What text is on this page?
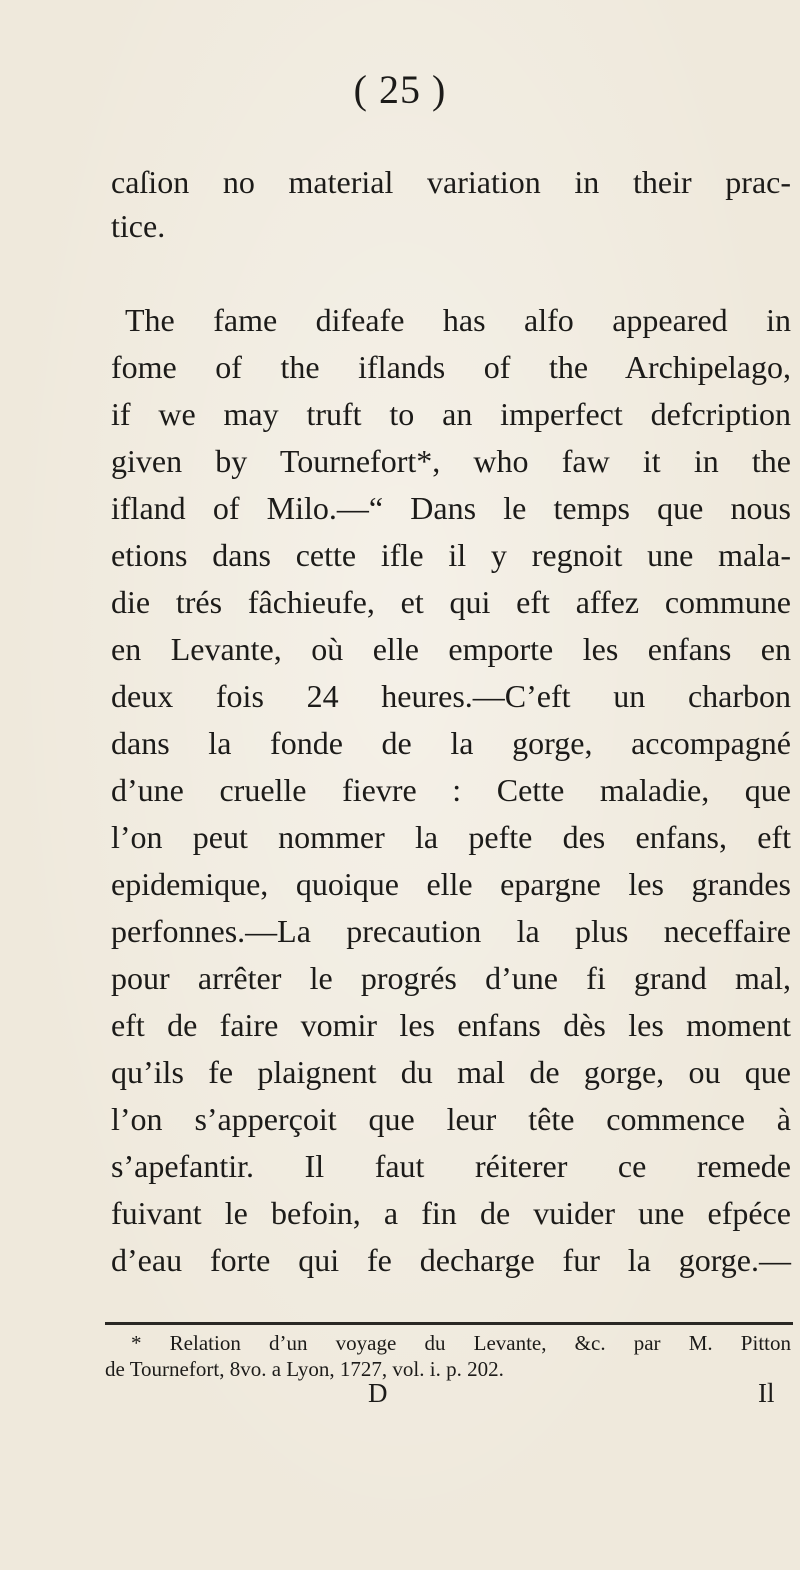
( 25 )
caſion no material variation in their prac-
tice.
The fame difeafe has alfo appeared in
fome of the iflands of the Archipelago,
if we may truft to an imperfect defcription
given by Tournefort*, who faw it in the
ifland of Milo.—“ Dans le temps que nous
etions dans cette ifle il y regnoit une mala-
die trés fâchieufe, et qui eft affez commune
en Levante, où elle emporte les enfans en
deux fois 24 heures.—C’eft un charbon
dans la fonde de la gorge, accompagné
d’une cruelle fievre : Cette maladie, que
l’on peut nommer la pefte des enfans, eft
epidemique, quoique elle epargne les grandes
perfonnes.—La precaution la plus neceffaire
pour arrêter le progrés d’une fi grand mal,
eft de faire vomir les enfans dès les moment
qu’ils fe plaignent du mal de gorge, ou que
l’on s’apperçoit que leur tête commence à
s’apefantir. Il faut réiterer ce remede
fuivant le befoin, a fin de vuider une efpéce
d’eau forte qui fe decharge fur la gorge.—
* Relation d’un voyage du Levante, &c. par M. Pitton
de Tournefort, 8vo. a Lyon, 1727, vol. i. p. 202.
D	Il
